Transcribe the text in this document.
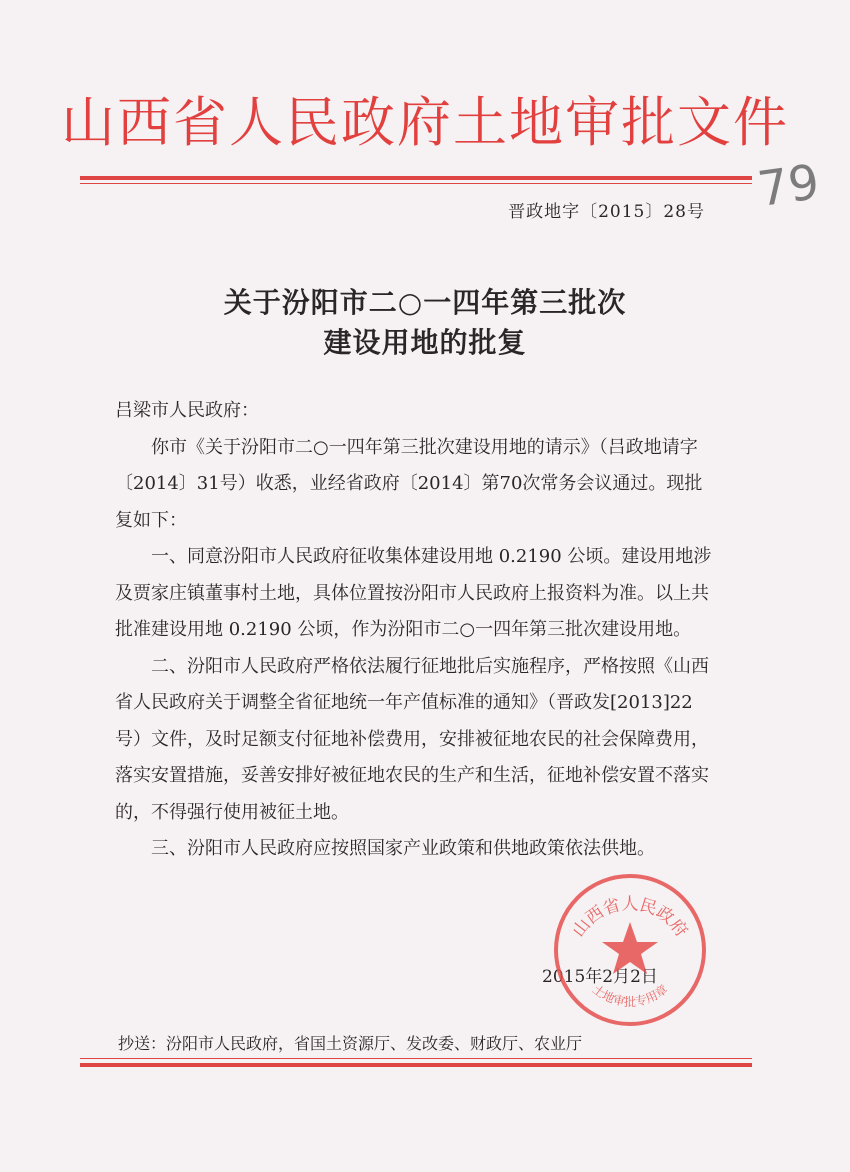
山西省人民政府土地审批文件
晋政地字〔2015〕28号 79
关于汾阳市二○一四年第三批次
建设用地的批复

吕梁市人民政府：

你市《关于汾阳市二○一四年第三批次建设用地的请示》（吕政地请字〔2014〕31号）收悉，业经省政府〔2014〕第70次常务会议通过。现批复如下：

一、同意汾阳市人民政府征收集体建设用地 0.2190 公顷。建设用地涉及贾家庄镇董事村土地，具体位置按汾阳市人民政府上报资料为准。以上共批准建设用地 0.2190 公顷，作为汾阳市二○一四年第三批次建设用地。

二、汾阳市人民政府严格依法履行征地批后实施程序，严格按照《山西省人民政府关于调整全省征地统一年产值标准的通知》（晋政发[2013]22号）文件，及时足额支付征地补偿费用，安排被征地农民的社会保障费用，落实安置措施，妥善安排好被征地农民的生产和生活，征地补偿安置不落实的，不得强行使用被征土地。

三、汾阳市人民政府应按照国家产业政策和供地政策依法供地。

2015年2月2日
山西省人民政府
土地审批专用章
抄送：汾阳市人民政府，省国土资源厅、发改委、财政厅、农业厅
